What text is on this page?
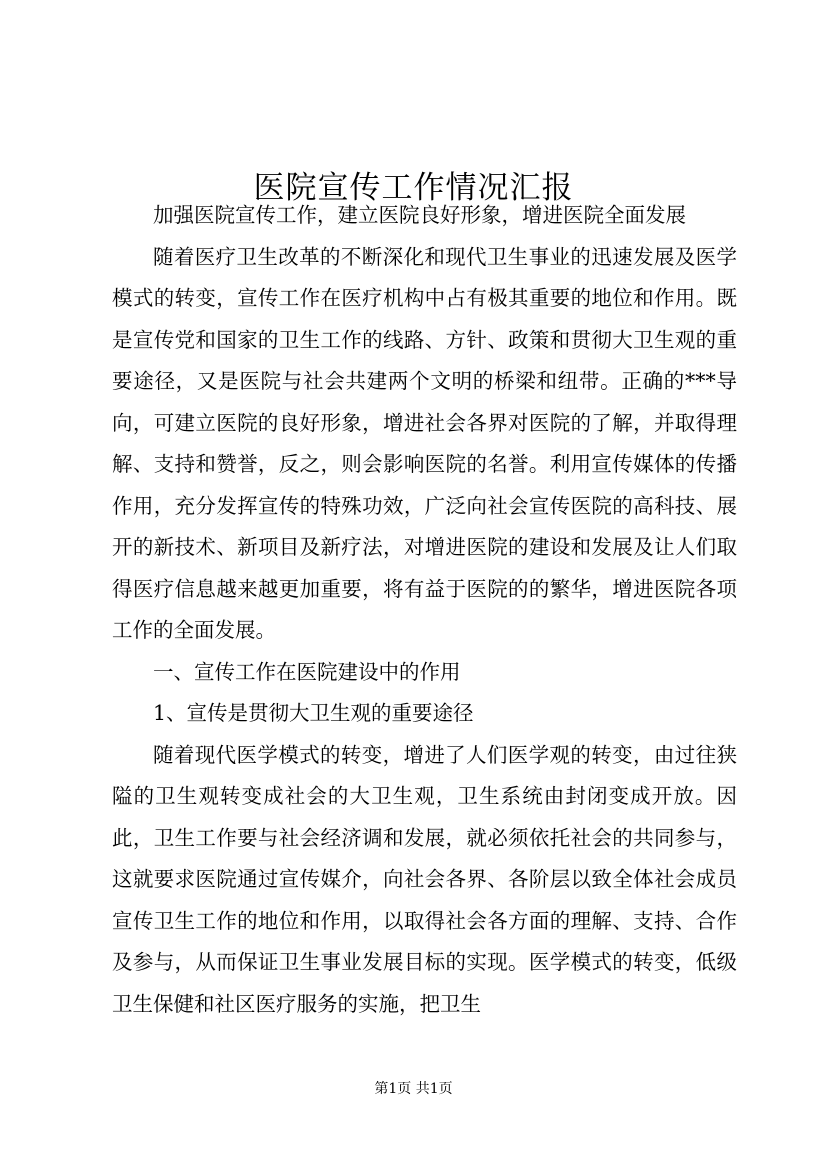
医院宣传工作情况汇报

加强医院宣传工作，建立医院良好形象，增进医院全面发展

随着医疗卫生改革的不断深化和现代卫生事业的迅速发展及医学模式的转变，宣传工作在医疗机构中占有极其重要的地位和作用。既是宣传党和国家的卫生工作的线路、方针、政策和贯彻大卫生观的重要途径，又是医院与社会共建两个文明的桥梁和纽带。正确的***导向，可建立医院的良好形象，增进社会各界对医院的了解，并取得理解、支持和赞誉，反之，则会影响医院的名誉。利用宣传媒体的传播作用，充分发挥宣传的特殊功效，广泛向社会宣传医院的高科技、展开的新技术、新项目及新疗法，对增进医院的建设和发展及让人们取得医疗信息越来越更加重要，将有益于医院的的繁华，增进医院各项工作的全面发展。

一、宣传工作在医院建设中的作用

1、宣传是贯彻大卫生观的重要途径

随着现代医学模式的转变，增进了人们医学观的转变，由过往狭隘的卫生观转变成社会的大卫生观，卫生系统由封闭变成开放。因此，卫生工作要与社会经济调和发展，就必须依托社会的共同参与，这就要求医院通过宣传媒介，向社会各界、各阶层以致全体社会成员宣传卫生工作的地位和作用，以取得社会各方面的理解、支持、合作及参与，从而保证卫生事业发展目标的实现。医学模式的转变，低级卫生保健和社区医疗服务的实施，把卫生

第1页 共1页
